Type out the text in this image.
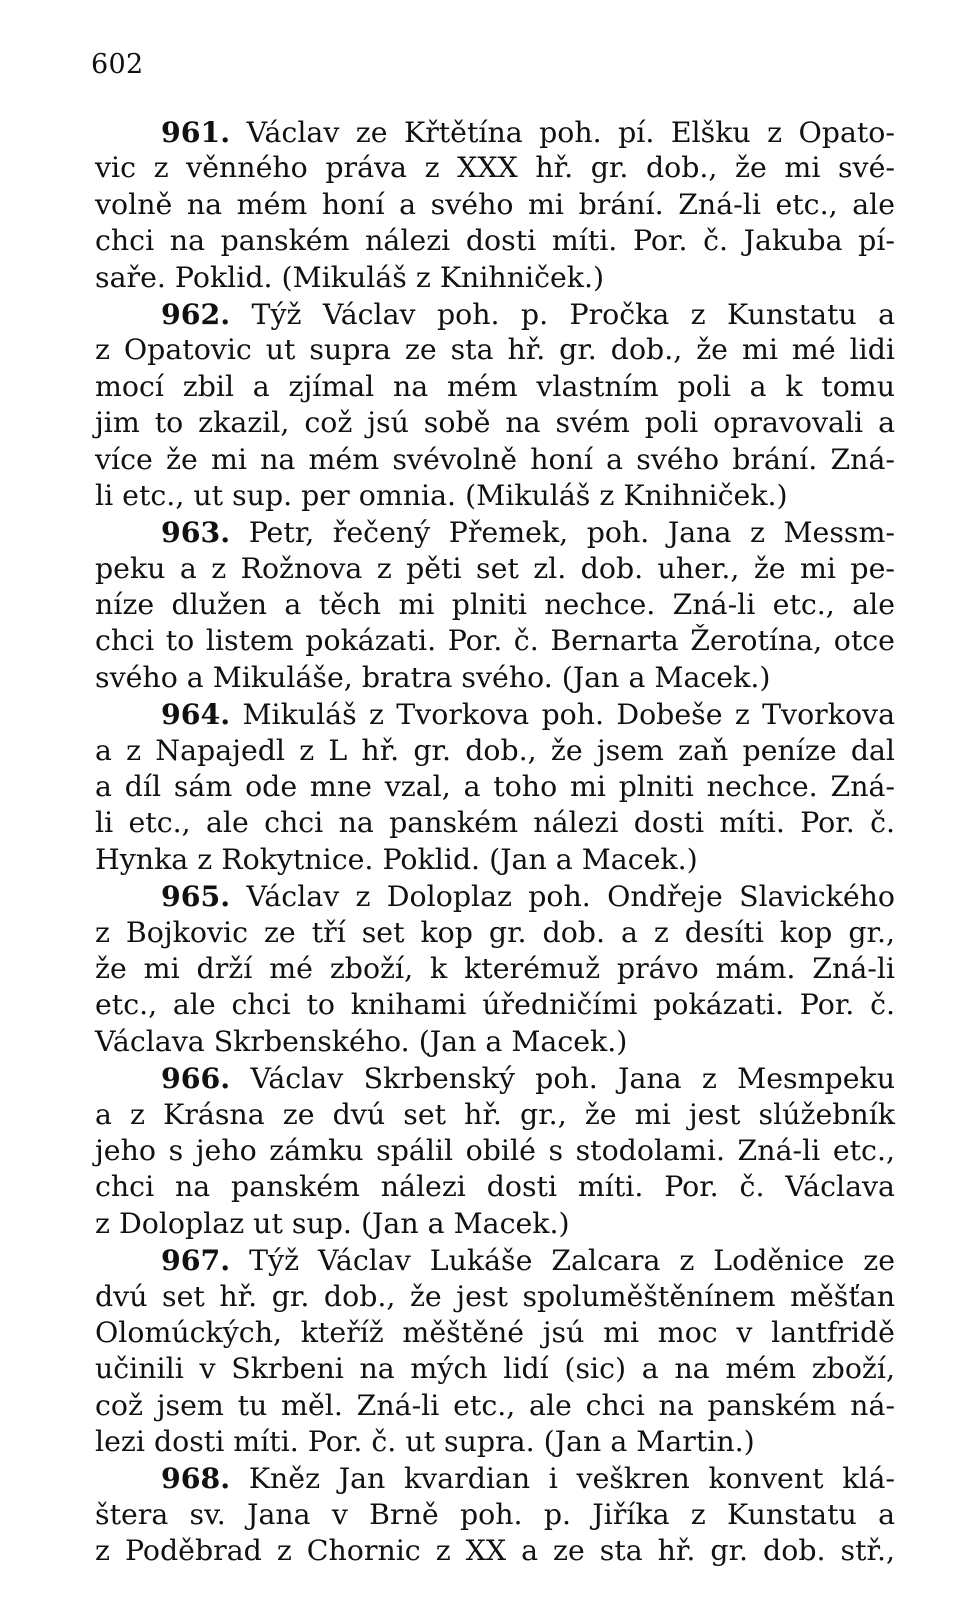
602
961. Václav ze Křtětína poh. pí. Elšku z Opato-
vic z věnného práva z XXX hř. gr. dob., že mi své-
volně na mém honí a svého mi brání. Zná-li etc., ale
chci na panském nálezi dosti míti. Por. č. Jakuba pí-
saře. Poklid. (Mikuláš z Knihniček.)
962. Týž Václav poh. p. Pročka z Kunstatu a
z Opatovic ut supra ze sta hř. gr. dob., že mi mé lidi
mocí zbil a zjímal na mém vlastním poli a k tomu
jim to zkazil, což jsú sobě na svém poli opravovali a
více že mi na mém svévolně honí a svého brání. Zná-
li etc., ut sup. per omnia. (Mikuláš z Knihniček.)
963. Petr, řečený Přemek, poh. Jana z Messm-
peku a z Rožnova z pěti set zl. dob. uher., že mi pe-
níze dlužen a těch mi plniti nechce. Zná-li etc., ale
chci to listem pokázati. Por. č. Bernarta Žerotína, otce
svého a Mikuláše, bratra svého. (Jan a Macek.)
964. Mikuláš z Tvorkova poh. Dobeše z Tvorkova
a z Napajedl z L hř. gr. dob., že jsem zaň peníze dal
a díl sám ode mne vzal, a toho mi plniti nechce. Zná-
li etc., ale chci na panském nálezi dosti míti. Por. č.
Hynka z Rokytnice. Poklid. (Jan a Macek.)
965. Václav z Doloplaz poh. Ondřeje Slavického
z Bojkovic ze tří set kop gr. dob. a z desíti kop gr.,
že mi drží mé zboží, k kterémuž právo mám. Zná-li
etc., ale chci to knihami úředničími pokázati. Por. č.
Václava Skrbenského. (Jan a Macek.)
966. Václav Skrbenský poh. Jana z Mesmpeku
a z Krásna ze dvú set hř. gr., že mi jest slúžebník
jeho s jeho zámku spálil obilé s stodolami. Zná-li etc.,
chci na panském nálezi dosti míti. Por. č. Václava
z Doloplaz ut sup. (Jan a Macek.)
967. Týž Václav Lukáše Zalcara z Loděnice ze
dvú set hř. gr. dob., že jest spoluměštěnínem měšťan
Olomúckých, kteříž měštěné jsú mi moc v lantfridě
učinili v Skrbeni na mých lidí (sic) a na mém zboží,
což jsem tu měl. Zná-li etc., ale chci na panském ná-
lezi dosti míti. Por. č. ut supra. (Jan a Martin.)
968. Kněz Jan kvardian i veškren konvent klá-
štera sv. Jana v Brně poh. p. Jiříka z Kunstatu a
z Poděbrad z Chornic z XX a ze sta hř. gr. dob. stř.,
